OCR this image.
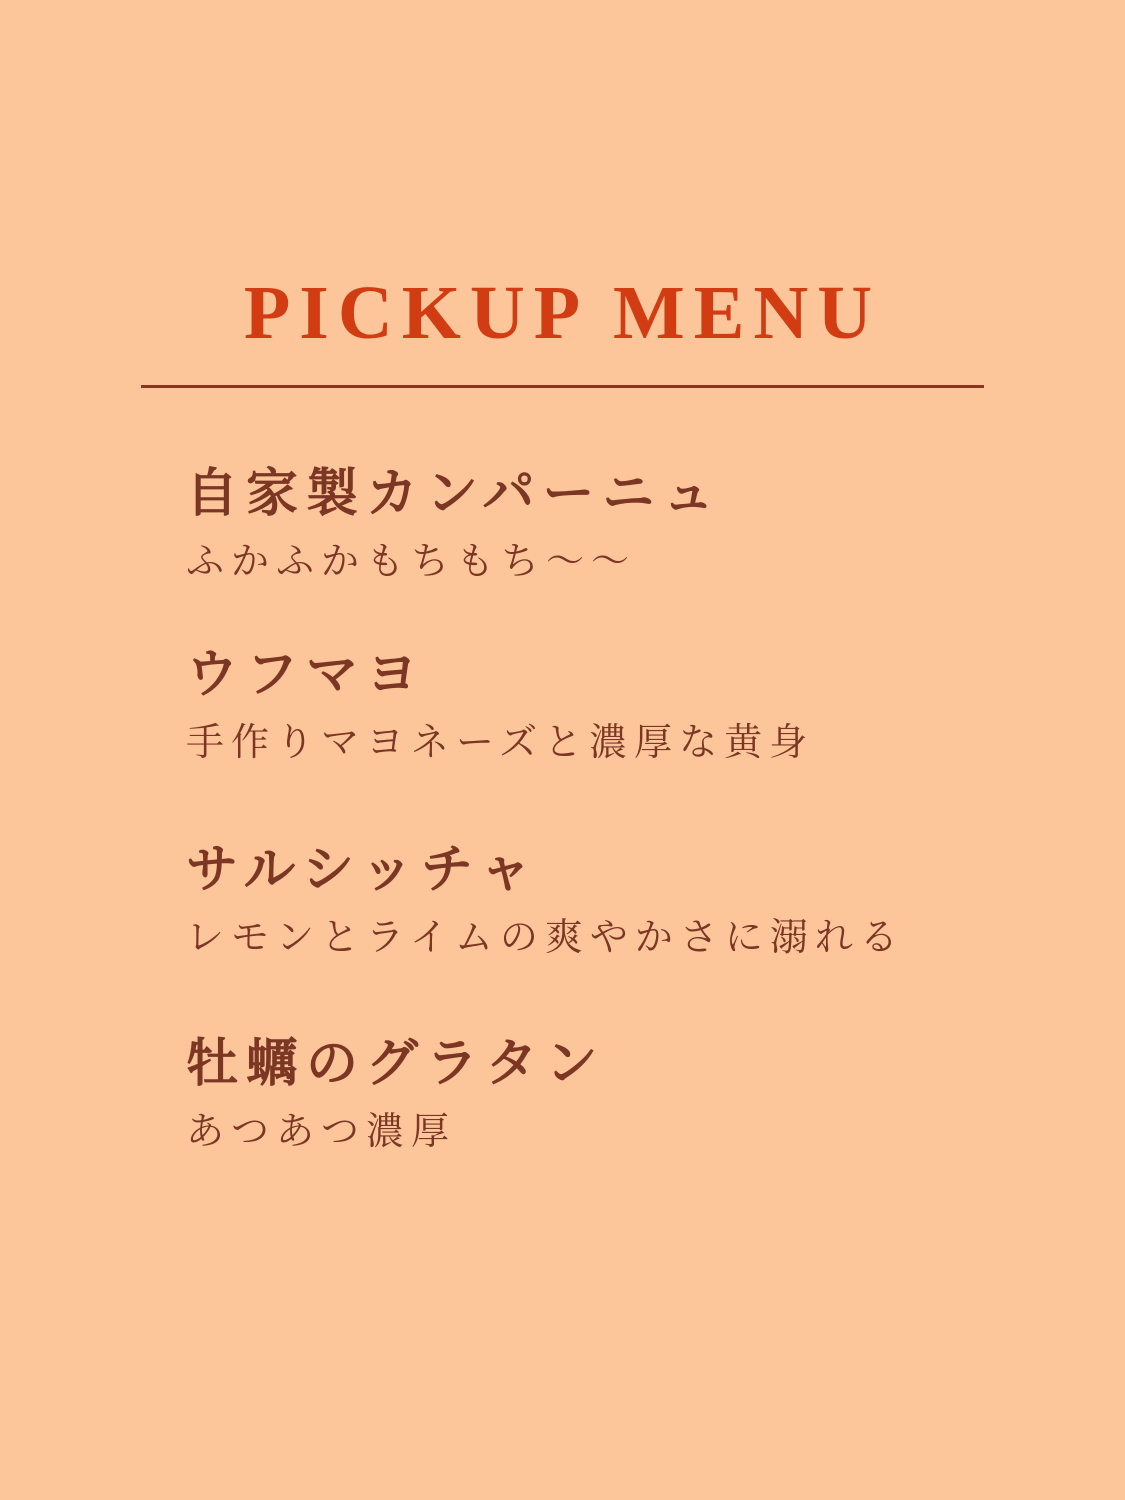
PICKUP MENU
自家製カンパーニュ
ふかふかもちもち〜〜
ウフマヨ
手作りマヨネーズと濃厚な黄身
サルシッチャ
レモンとライムの爽やかさに溺れる
牡蠣のグラタン
あつあつ濃厚
